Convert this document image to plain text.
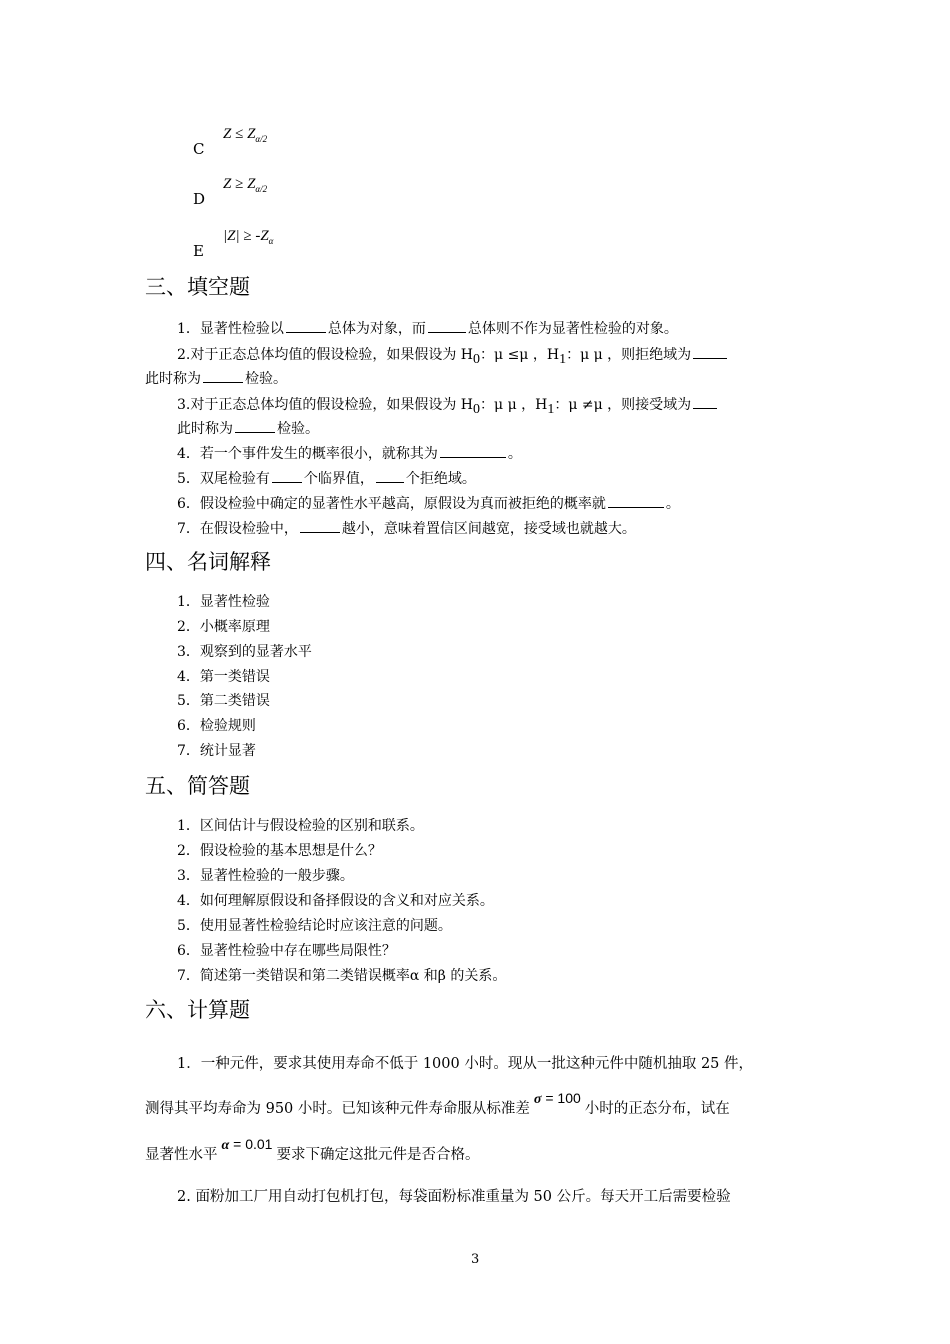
$Z \le Z_{\alpha/2}$
C
$Z \ge Z_{\alpha/2}$
D
$|Z| \ge -Z_\alpha$
E
三、填空题
1．显著性检验以	总体为对象，而	总体则不作为显著性检验的对象。
2.对于正态总体均值的假设检验，如果假设为 $H_0$：μ ≤μ ，$H_1$：μ μ ，则拒绝域为
此时称为	检验。
3.对于正态总体均值的假设检验，如果假设为 $H_0$：μ μ ，$H_1$：μ ≠μ ，则接受域为
此时称为	检验。
4．若一个事件发生的概率很小，就称其为	。
5．双尾检验有 个临界值， 个拒绝域。
6．假设检验中确定的显著性水平越高，原假设为真而被拒绝的概率就	。
7．在假设检验中，	越小，意味着置信区间越宽，接受域也就越大。
四、名词解释
1．显著性检验
2．小概率原理
3．观察到的显著水平
4．第一类错误
5．第二类错误
6．检验规则
7．统计显著
五、简答题
1．区间估计与假设检验的区别和联系。
2．假设检验的基本思想是什么？
3．显著性检验的一般步骤。
4．如何理解原假设和备择假设的含义和对应关系。
5．使用显著性检验结论时应该注意的问题。
6．显著性检验中存在哪些局限性？
7．简述第一类错误和第二类错误概率α 和β 的关系。
六、计算题
1．一种元件，要求其使用寿命不低于 1000 小时。现从一批这种元件中随机抽取 25 件，
测得其平均寿命为 950 小时。已知该种元件寿命服从标准差σ = 100小时的正态分布，试在
显著性水平α = 0.01要求下确定这批元件是否合格。
2. 面粉加工厂用自动打包机打包，每袋面粉标准重量为 50 公斤。每天开工后需要检验
3
